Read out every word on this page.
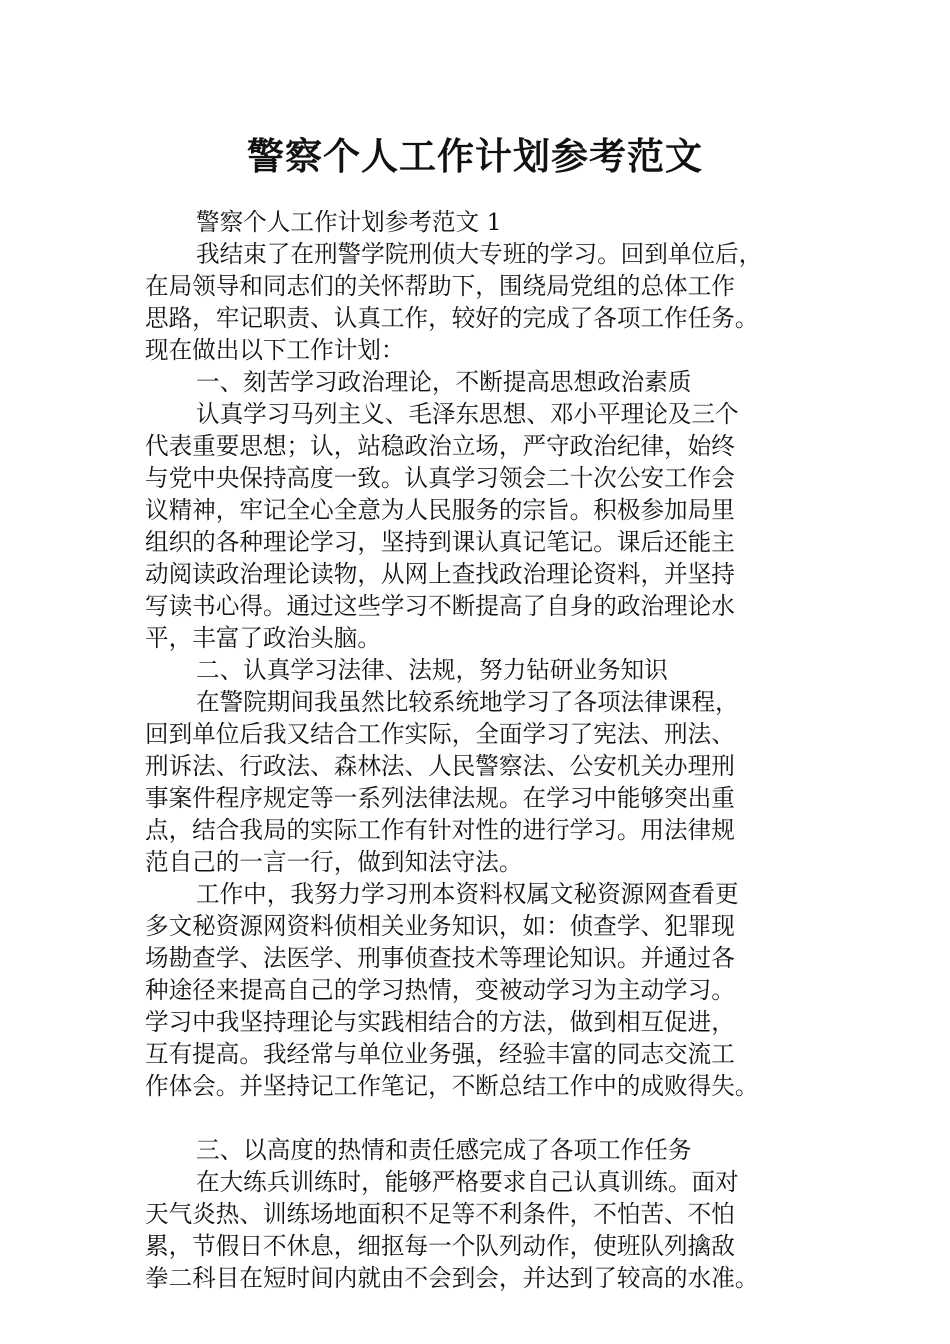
警察个人工作计划参考范文

警察个人工作计划参考范文 1

我结束了在刑警学院刑侦大专班的学习。回到单位后，

在局领导和同志们的关怀帮助下，围绕局党组的总体工作

思路，牢记职责、认真工作，较好的完成了各项工作任务。

现在做出以下工作计划：

一、刻苦学习政治理论，不断提高思想政治素质

认真学习马列主义、毛泽东思想、邓小平理论及三个

代表重要思想；认，站稳政治立场，严守政治纪律，始终

与党中央保持高度一致。认真学习领会二十次公安工作会

议精神，牢记全心全意为人民服务的宗旨。积极参加局里

组织的各种理论学习，坚持到课认真记笔记。课后还能主

动阅读政治理论读物，从网上查找政治理论资料，并坚持

写读书心得。通过这些学习不断提高了自身的政治理论水

平，丰富了政治头脑。

二、认真学习法律、法规，努力钻研业务知识

在警院期间我虽然比较系统地学习了各项法律课程，

回到单位后我又结合工作实际，全面学习了宪法、刑法、

刑诉法、行政法、森林法、人民警察法、公安机关办理刑

事案件程序规定等一系列法律法规。在学习中能够突出重

点，结合我局的实际工作有针对性的进行学习。用法律规

范自己的一言一行，做到知法守法。

工作中，我努力学习刑本资料权属文秘资源网查看更

多文秘资源网资料侦相关业务知识，如：侦查学、犯罪现

场勘查学、法医学、刑事侦查技术等理论知识。并通过各

种途径来提高自己的学习热情，变被动学习为主动学习。

学习中我坚持理论与实践相结合的方法，做到相互促进，

互有提高。我经常与单位业务强，经验丰富的同志交流工

作体会。并坚持记工作笔记，不断总结工作中的成败得失。

三、以高度的热情和责任感完成了各项工作任务

在大练兵训练时，能够严格要求自己认真训练。面对

天气炎热、训练场地面积不足等不利条件，不怕苦、不怕

累，节假日不休息，细抠每一个队列动作，使班队列擒敌

拳二科目在短时间内就由不会到会，并达到了较高的水准。
